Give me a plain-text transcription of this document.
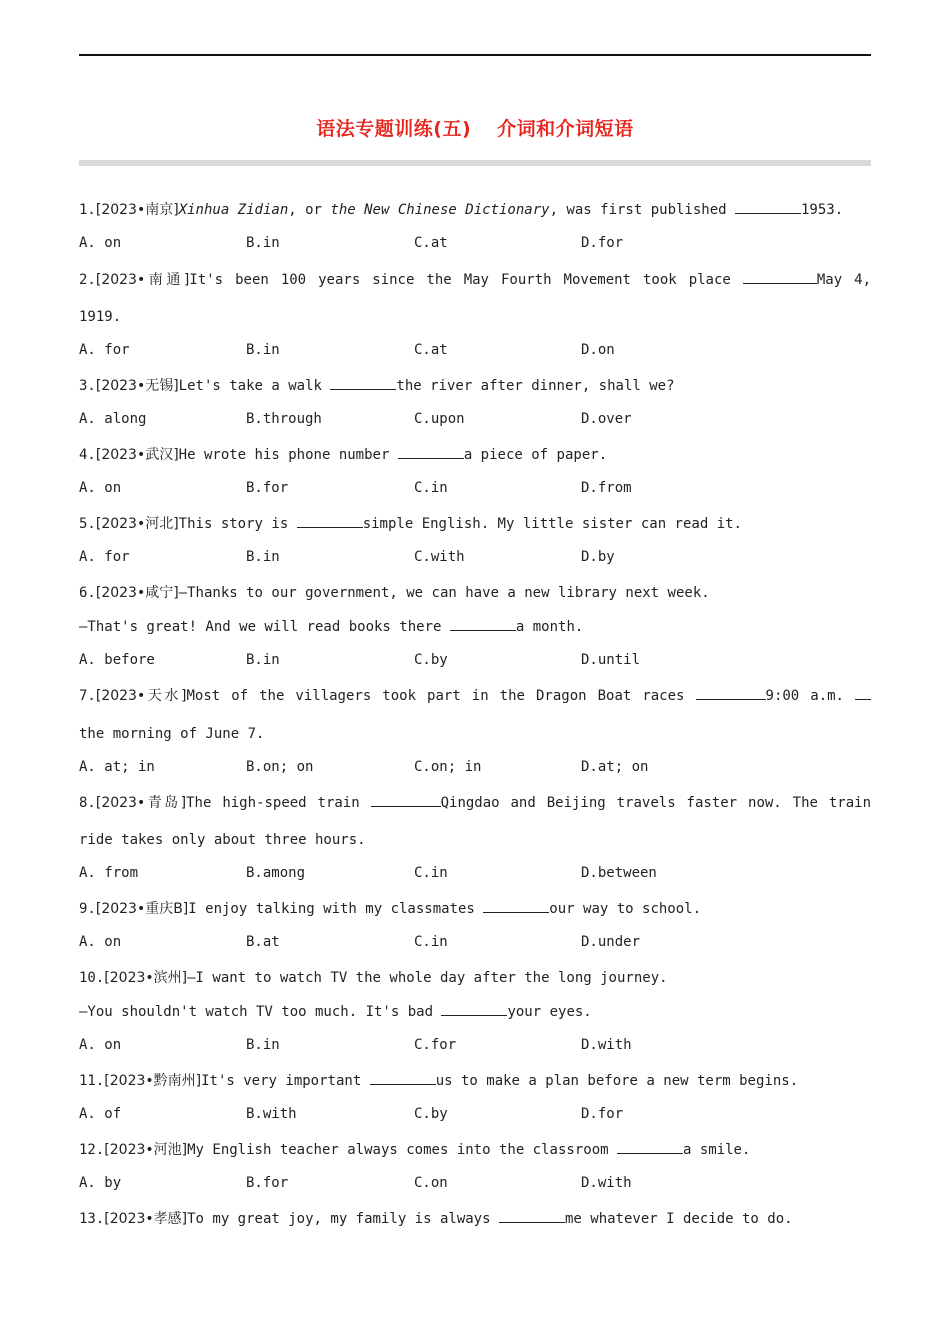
语法专题训练(五) 介词和介词短语
1.[2023•南京]Xinhua Zidian, or the New Chinese Dictionary, was first published	1953.
A. on	B.in	C.at	D.for
2.[2023•南通]It's been 100 years since the May Fourth Movement took place	May 4,
1919.
A. for	B.in	C.at	D.on
3.[2023•无锡]Let's take a walk	the river after dinner, shall we?
A. along	B.through	C.upon	D.over
4.[2023•武汉]He wrote his phone number	a piece of paper.
A. on	B.for	C.in	D.from
5.[2023•河北]This story is	simple English. My little sister can read it.
A. for	B.in	C.with	D.by
6.[2023•咸宁]—Thanks to our government, we can have a new library next week.
—That's great! And we will read books there	a month.
A. before	B.in	C.by	D.until
7.[2023•天水]Most of the villagers took part in the Dragon Boat races	9:00 a.m.
the morning of June 7.
A. at; in	B.on; on	C.on; in	D.at; on
8.[2023•青岛]The high-speed train	Qingdao and Beijing travels faster now. The train
ride takes only about three hours.
A. from	B.among	C.in	D.between
9.[2023•重庆B]I enjoy talking with my classmates	our way to school.
A. on	B.at	C.in	D.under
10.[2023•滨州]—I want to watch TV the whole day after the long journey.
—You shouldn't watch TV too much. It's bad	your eyes.
A. on	B.in	C.for	D.with
11.[2023•黔南州]It's very important	us to make a plan before a new term begins.
A. of	B.with	C.by	D.for
12.[2023•河池]My English teacher always comes into the classroom	a smile.
A. by	B.for	C.on	D.with
13.[2023•孝感]To my great joy, my family is always	me whatever I decide to do.
